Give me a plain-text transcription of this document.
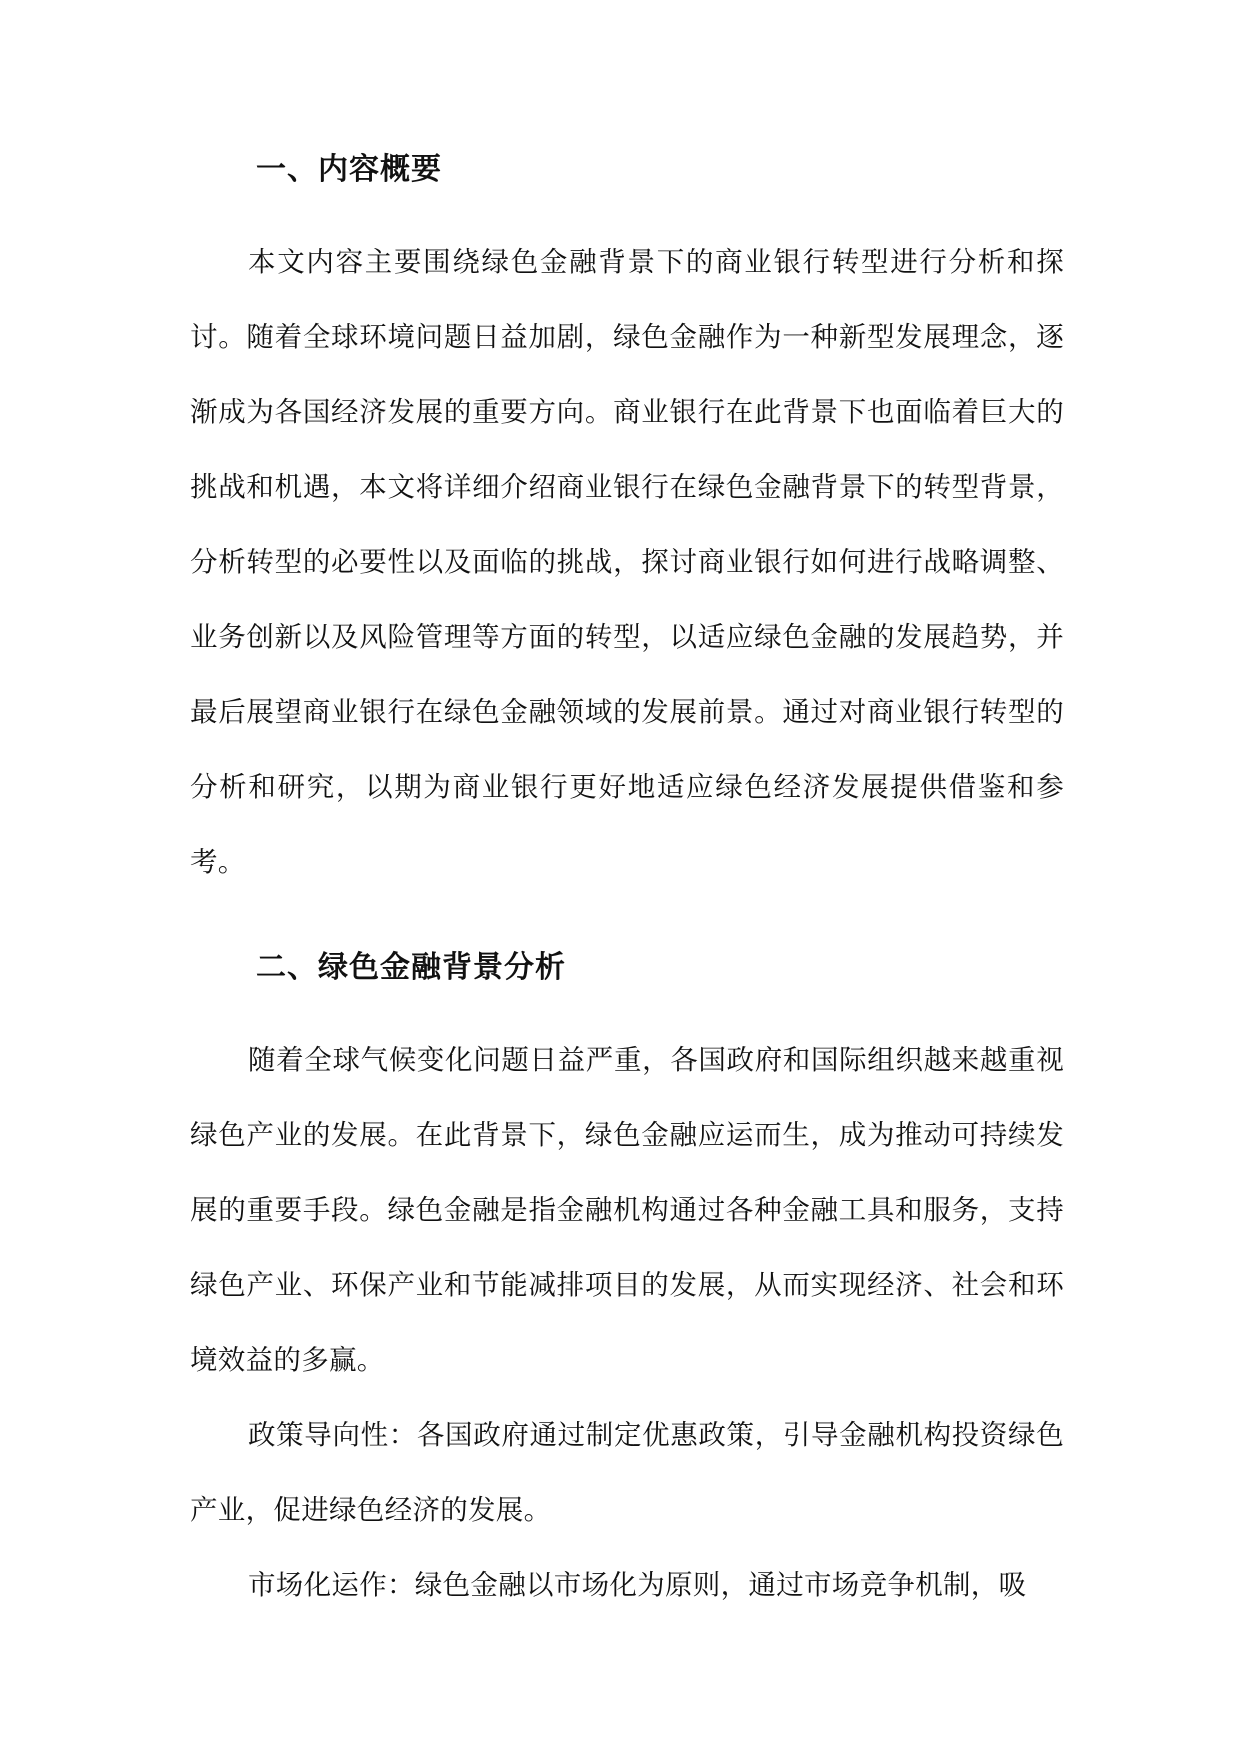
一、内容概要

本文内容主要围绕绿色金融背景下的商业银行转型进行分析和探讨。随着全球环境问题日益加剧，绿色金融作为一种新型发展理念，逐渐成为各国经济发展的重要方向。商业银行在此背景下也面临着巨大的挑战和机遇，本文将详细介绍商业银行在绿色金融背景下的转型背景，分析转型的必要性以及面临的挑战，探讨商业银行如何进行战略调整、业务创新以及风险管理等方面的转型，以适应绿色金融的发展趋势，并最后展望商业银行在绿色金融领域的发展前景。通过对商业银行转型的分析和研究，以期为商业银行更好地适应绿色经济发展提供借鉴和参考。

二、绿色金融背景分析

随着全球气候变化问题日益严重，各国政府和国际组织越来越重视绿色产业的发展。在此背景下，绿色金融应运而生，成为推动可持续发展的重要手段。绿色金融是指金融机构通过各种金融工具和服务，支持绿色产业、环保产业和节能减排项目的发展，从而实现经济、社会和环境效益的多赢。

政策导向性：各国政府通过制定优惠政策，引导金融机构投资绿色产业，促进绿色经济的发展。

市场化运作：绿色金融以市场化为原则，通过市场竞争机制，吸
